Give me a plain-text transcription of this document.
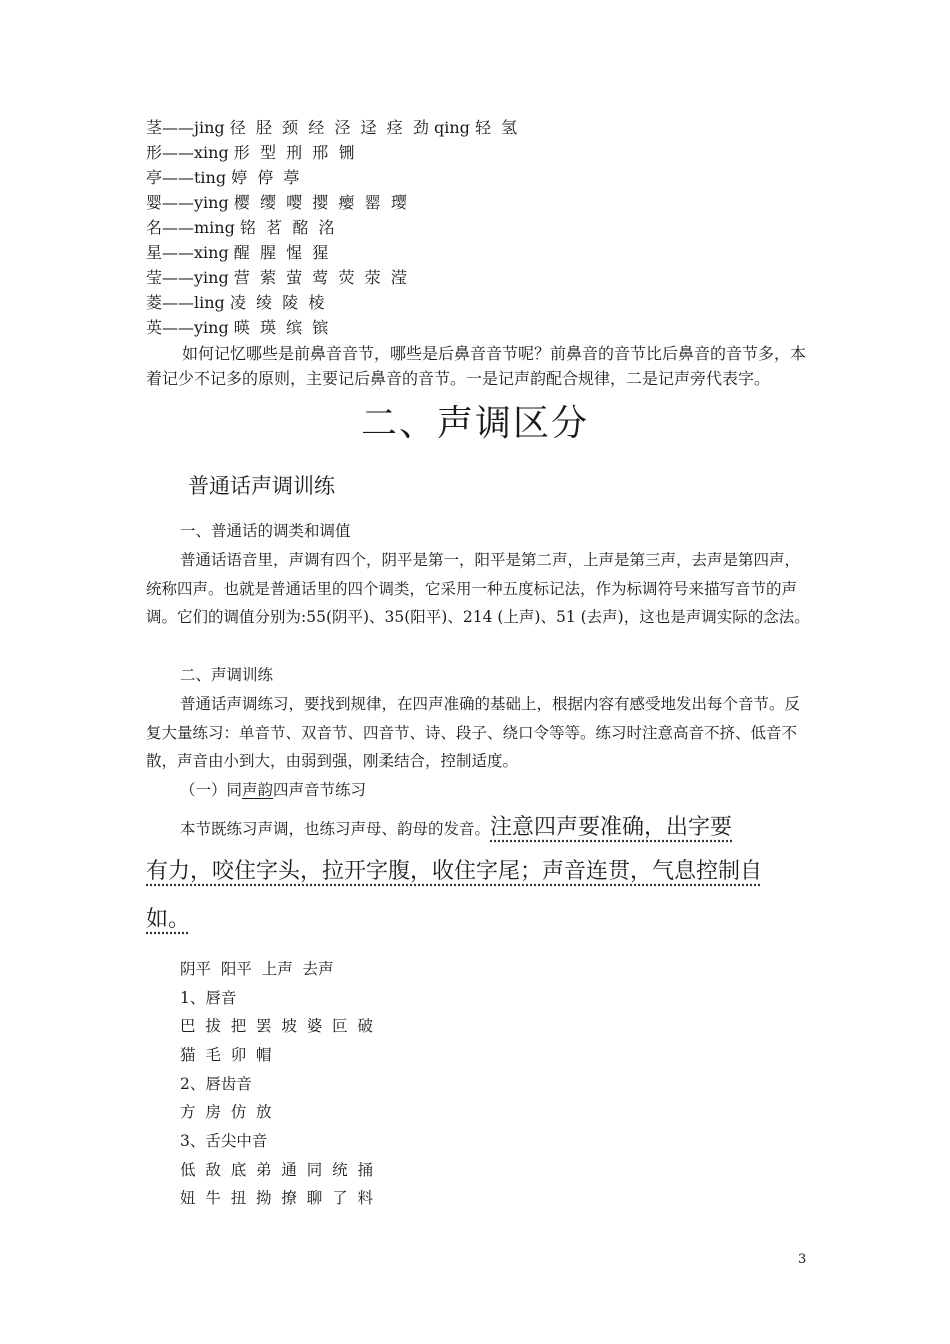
茎——jing 径  胫  颈  经  泾  迳  痉  劲 qing 轻  氢
形——xing 形  型  刑  邢  铏
亭——ting 婷  停  葶
婴——ying 樱  缨  嘤  撄  瘿  罂  璎
名——ming 铭  茗  酩  洺
星——xing 醒  腥  惺  猩
莹——ying 营  萦  萤  莺  荧  荥  滢
菱——ling 凌  绫  陵  棱
英——ying 暎  瑛  缤  镔
如何记忆哪些是前鼻音音节，哪些是后鼻音音节呢？前鼻音的音节比后鼻音的音节多，本着记少不记多的原则，主要记后鼻音的音节。一是记声韵配合规律，二是记声旁代表字。
二、声调区分
普通话声调训练
一、普通话的调类和调值
普通话语音里，声调有四个，阴平是第一，阳平是第二声，上声是第三声，去声是第四声，统称四声。也就是普通话里的四个调类，它采用一种五度标记法，作为标调符号来描写音节的声调。它们的调值分别为:55(阴平)、35(阳平)、214 (上声)、51 (去声)，这也是声调实际的念法。
二、声调训练
普通话声调练习，要找到规律，在四声准确的基础上，根据内容有感受地发出每个音节。反复大量练习：单音节、双音节、四音节、诗、段子、绕口令等等。练习时注意高音不挤、低音不散，声音由小到大，由弱到强，刚柔结合，控制适度。
（一）同声韵四声音节练习
本节既练习声调，也练习声母、韵母的发音。注意四声要准确，出字要
有力，咬住字头，拉开字腹，收住字尾；声音连贯，气息控制自
如。
阴平  阳平  上声  去声
1、唇音
巴  拔  把  罢  坡  婆  叵  破
猫  毛  卯  帽
2、唇齿音
方  房  仿  放
3、舌尖中音
低  敌  底  弟  通  同  统  捅
妞  牛  扭  拗  撩  聊  了  料
3
